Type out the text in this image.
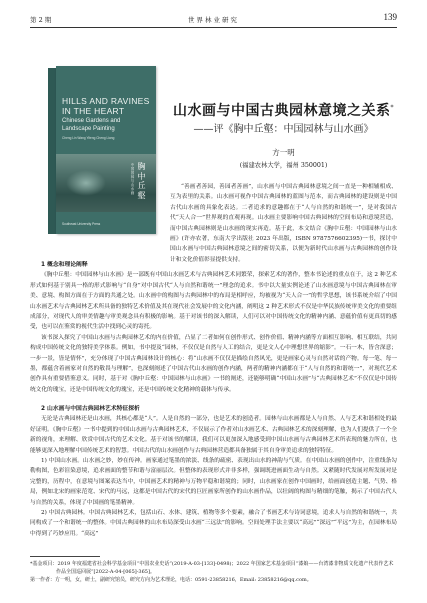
第 2 期	世界林业研究	139
HILLS AND RAVINES
IN THE HEART
Chinese Gardens and
Landscape Painting
Cheng Lin Wang Yiteng Cheng Liang
胸中丘壑
中国园林与山水画
Southeast University Press
山水画与中国古典园林意境之关系*
——评《胸中丘壑：中国园林与山水画》
方一明
(福建农林大学，福州 350001)
“善画者善园，善园者善画”，山水画与中国古典园林意境之间一直是一种相辅相成、互为表里的关系。山水画可视作中国古典园林的蓝图与范本，而古典园林的建设则是中国古代山水画的具象化表达。二者追求的意趣都在于“人与自然的和谐统一”，是对我国古代“天人合一”世界观的直观再现。山水画主要影响中国古典园林的空间布局和意境营造，而中国古典园林则是山水画的现实再造。基于此，本文结合《胸中丘壑：中国园林与山水画》(许亦农著，东南大学出版社 2023 年出版，ISBN 9787576602395)一书，探讨中国山水画与中国古典园林意境之间的密切关系，以便为新时代山水画与古典园林的创作设计和文化价值彰显提供支持。

1 概念和理论阐释

《胸中丘壑：中国园林与山水画》是一部既有中国山水画艺术与古典园林艺术同繁荣，探索艺术的著作，整本书论述的重点在于，这 2 种艺术形式如何基于别具一格的形式影响与“自身”对中国古代“人与自然和谐统一”理念的追求。书中以大量实例论述了山水画意境与中国古典园林在审美、意境、构图方面在于方面的共通之处。山水画中的构图与古典园林中的布局是相呼应，均被视为“天人合一”的哲学思想，该书系统介绍了中国山水画艺术与古典园林艺术所具备的独特艺术价值及其在现代社会发展中的文化内涵，阐明这 2 种艺术形式不仅是中华民族传统审美文化的重要组成部分，对现代人的审美情趣与审美观念具有积极的影响。基于对该书的深入解读，人们可以对中国传统文化的精神内涵、意蕴价值有更真切的感受，也可以在鉴赏的视代生活中找到心灵的寄托。

该书深入探究了中国山水画与古典园林艺术的内在价值，凸显了二者如何在创作形式、创作价值、精神内涵等方面相互影响、相互联结，共同构成中国传统文化的独特美学体系。例如，书中提及“园林，不仅仅是自然与人工的结合，更是文人心中理想世界的缩影”。一石一木，皆含深意；一步一景，皆是情怀”，充分体现了中国古典园林设计的核心：将“山水画不仅仅是描绘自然风光，更是画家心灵与自然对话的产物。每一笔、每一墨，都蕴含着画家对自然的敬畏与理解”，也深刻阐述了中国古代山水画的创作内涵，两者的精神内涵都在于“人与自然的和谐统一”，对现代艺术创作具有重要借鉴意义。同时，基于对《胸中丘壑：中国园林与山水画》一书的阐述，还能够明确“中国山水画”与“古典园林艺术”不仅仅是中国传统文化的瑰宝，还是中国传统文化的瑰宝，还是中国传统文化精神的载体与传承。

2 山水画与中国古典园林艺术特征探析

无论是古典园林还是山水画，其核心都是“人”。人是自然的一部分，也是艺术的创造者。园林与山水画都是人与自然、人与艺术和谐相处的最好证明。《胸中丘壑》一书中提到的中国山水画与古典园林艺术，不仅展示了作者对山水画艺术、古典园林艺术的深刻理解，也为人们提供了一个全新的视角，来理解、欣赏中国古代的艺术文化。基于对该书的解读，我们可以更加深入地感受到中国山水画与古典园林艺术所表现的魅力所在，也能够更深入地理解中国传统艺术的智慧。中国古代的山水画创作与古典园林营造都具备独属于其自身审美追求的独特特征。

1) 中国山水画。山水画之妙，妙在传神。画家通过笔墨的浓淡、线条的疏密、表现出山水的神韵与气质。在中国山水画的创作中，注重线条勾勒构图，色彩渲染意境，追求画面的整节和谐与富丽层次。但整体的表现形式并非多样，强调既进画面生动与自然。又紧随时代发展对所发展对是完整的，历程中，在意境与图案表达当中，中国画艺术的精神与万物平稳和谐境的；同时，山水画家在创作中国画时，给画面创造主题、气势、格局，例如北宋的画家范宽、宋代的马远，这都是中国古代的宋代的巨匠画家所创作的山水画作品，以壮阔的构图与精细的笔触，揭示了中国古代人与自然的关系，体现了中国画的笔墨精神。

2) 中国古典园林。中国古典园林艺术，包括山石、水体、建筑、植物等多个要素，融合了书画艺术与诗词意境，追求人与自然的和谐统一，共同构成了一个和谐统一的整体。中国古典园林的山水布局深受山水画“三远法”的影响。空间处理手法主要以“高远”“深远”“平远”为主，在园林布局中得到了巧妙应用。“高远”

*基金项目：2019 年度福建省社会科学基金项目“中国农业史话”(2019-A-03-[133]-0498)；2022 年国家艺术基金项目“漆娘——台湾漆非物质文化遗产代表作艺术作品全国巡回展”[2022-A-04-[065]-365]。

第一作者：方一明，女，研士，副研究馆员，研究方向为艺术理论，电话：0591-23858216，Email: 23858216@qq.com。
